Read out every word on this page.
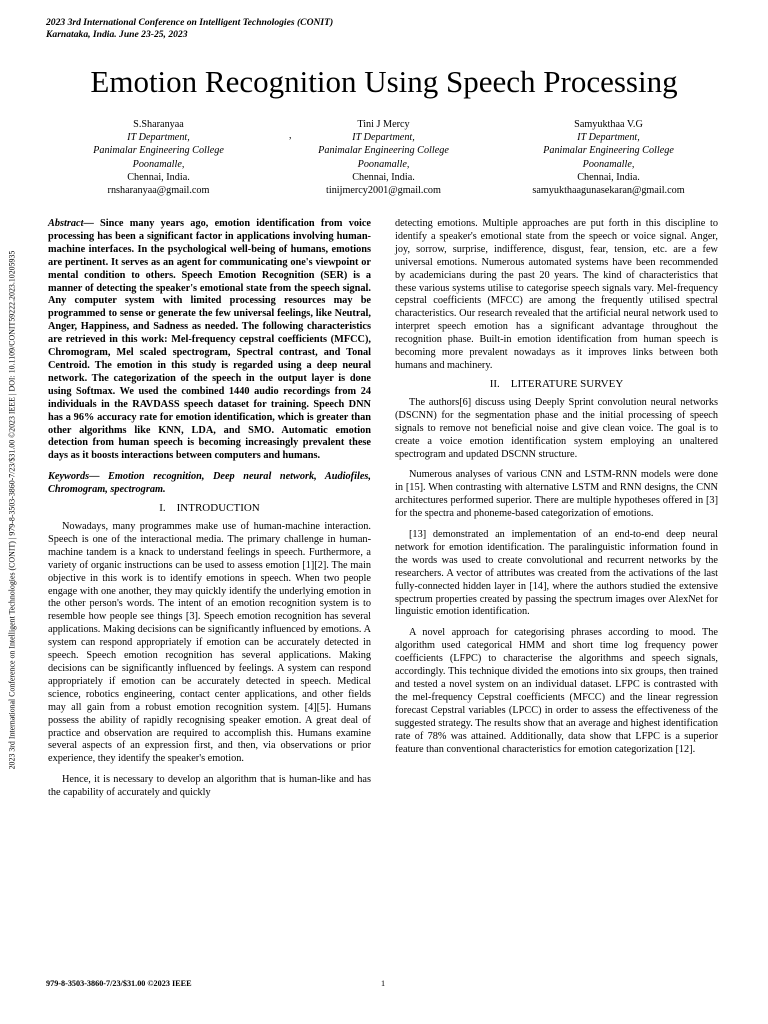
2023 3rd International Conference on Intelligent Technologies (CONIT)
Karnataka, India. June 23-25, 2023
Emotion Recognition Using Speech Processing
S.Sharanyaa
IT Department,
Panimalar Engineering College
Poonamalle,
Chennai, India.
rnsharanyaa@gmail.com
,
Tini J Mercy
IT Department,
Panimalar Engineering College
Poonamalle,
Chennai, India.
tinijmercy2001@gmail.com
Samyukthaa V.G
IT Department,
Panimalar Engineering College
Poonamalle,
Chennai, India.
samyukthaagunasekaran@gmail.com
2023 3rd International Conference on Intelligent Technologies (CONIT) | 979-8-3503-3860-7/23/$31.00 ©2023 IEEE | DOI: 10.1109/CONIT59222.2023.10205935

Abstract— Since many years ago, emotion identification from voice processing has been a significant factor in applications involving human-machine interfaces. In the psychological well-being of humans, emotions are pertinent. It serves as an agent for communicating one's viewpoint or mental condition to others. Speech Emotion Recognition (SER) is a manner of detecting the speaker's emotional state from the speech signal. Any computer system with limited processing resources may be programmed to sense or generate the few universal feelings, like Neutral, Anger, Happiness, and Sadness as needed. The following characteristics are retrieved in this work: Mel-frequency cepstral coefficients (MFCC), Chromogram, Mel scaled spectrogram, Spectral contrast, and Tonal Centroid. The emotion in this study is regarded using a deep neural network. The categorization of the speech in the output layer is done using Softmax. We used the combined 1440 audio recordings from 24 individuals in the RAVDASS speech dataset for training. Speech DNN has a 96% accuracy rate for emotion identification, which is greater than other algorithms like KNN, LDA, and SMO. Automatic emotion detection from human speech is becoming increasingly prevalent these days as it boosts interactions between computers and humans.

Keywords— Emotion recognition, Deep neural network, Audiofiles, Chromogram, spectrogram.

I. INTRODUCTION

Nowadays, many programmes make use of human-machine interaction. Speech is one of the interactional media. The primary challenge in human-machine tandem is a knack to understand feelings in speech. Furthermore, a variety of organic instructions can be used to assess emotion [1][2]. The main objective in this work is to identify emotions in speech. When two people engage with one another, they may quickly identify the underlying emotion in the other person's words. The intent of an emotion recognition system is to resemble how people see things [3]. Speech emotion recognition has several applications. Making decisions can be significantly influenced by emotions. A system can respond appropriately if emotion can be accurately detected in speech. Speech emotion recognition has several applications. Making decisions can be significantly influenced by feelings. A system can respond appropriately if emotion can be accurately detected in speech. Medical science, robotics engineering, contact center applications, and other fields may all gain from a robust emotion recognition system. [4][5]. Humans possess the ability of rapidly recognising speaker emotion. A great deal of practice and observation are required to accomplish this. Humans examine several aspects of an expression first, and then, via observations or prior experience, they identify the speaker's emotion.

Hence, it is necessary to develop an algorithm that is human-like and has the capability of accurately and quickly

detecting emotions. Multiple approaches are put forth in this discipline to identify a speaker's emotional state from the speech or voice signal. Anger, joy, sorrow, surprise, indifference, disgust, fear, tension, etc. are a few universal emotions. Numerous automated systems have been recommended by academicians during the past 20 years. The kind of characteristics that these various systems utilise to categorise speech signals vary. Mel-frequency cepstral coefficients (MFCC) are among the frequently utilised spectral characteristics. Our research revealed that the artificial neural network used to interpret speech emotion has a significant advantage throughout the recognition phase. Built-in emotion identification from human speech is becoming more prevalent nowadays as it improves links between both humans and machinery.

II. LITERATURE SURVEY

The authors[6] discuss using Deeply Sprint convolution neural networks (DSCNN) for the segmentation phase and the initial processing of speech signals to remove not beneficial noise and give clean voice. The goal is to create a voice emotion identification system employing an unaltered spectrogram and updated DSCNN structure.

Numerous analyses of various CNN and LSTM-RNN models were done in [15]. When contrasting with alternative LSTM and RNN designs, the CNN architectures performed superior. There are multiple hypotheses offered in [3] for the spectra and phoneme-based categorization of emotions.

[13] demonstrated an implementation of an end-to-end deep neural network for emotion identification. The paralinguistic information found in the words was used to create convolutional and recurrent networks by the researchers. A vector of attributes was created from the activations of the last fully-connected hidden layer in [14], where the authors studied the extensive spectrum properties created by passing the spectrum images over AlexNet for linguistic emotion identification.

A novel approach for categorising phrases according to mood. The algorithm used categorical HMM and short time log frequency power coefficients (LFPC) to characterise the algorithms and speech signals, accordingly. This technique divided the emotions into six groups, then trained and tested a novel system on an individual dataset. LFPC is contrasted with the mel-frequency Cepstral coefficients (MFCC) and the linear regression forecast Cepstral variables (LPCC) in order to assess the effectiveness of the suggested strategy. The results show that an average and highest identification rate of 78% was attained. Additionally, data show that LFPC is a superior feature than conventional characteristics for emotion categorization [12].

979-8-3503-3860-7/23/$31.00 ©2023 IEEE	1
